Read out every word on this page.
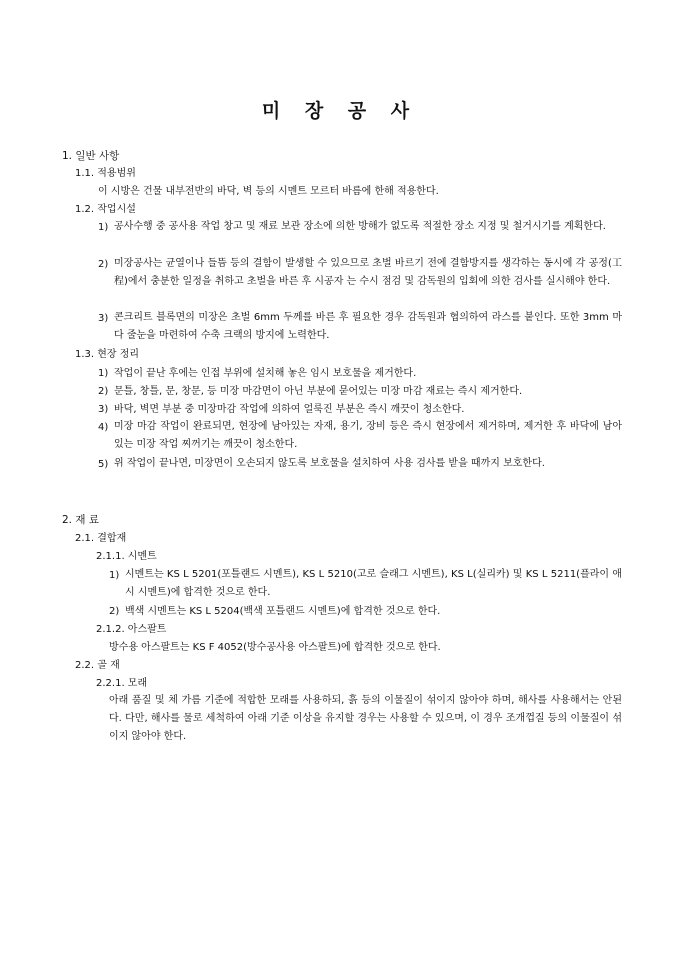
미 장 공 사
1. 일반 사항
1.1. 적용범위
이 시방은 건물 내부전반의 바닥, 벽 등의 시멘트 모르터 바름에 한해 적용한다.
1.2. 작업시설
1) 공사수행 중 공사용 작업 창고 및 재료 보관 장소에 의한 방해가 없도록 적절한 장소 지정 및 철거시기를 계획한다.
2) 미장공사는 균열이나 들뜸 등의 결함이 발생할 수 있으므로 초벌 바르기 전에 결함방지를 생각하는 동시에 각 공정(工程)에서 충분한 일정을 취하고 초벌을 바른 후 시공자 는 수시 점검 및 감독원의 입회에 의한 검사를 실시해야 한다.
3) 콘크리트 블록면의 미장은 초벌 6mm 두께를 바른 후 필요한 경우 감독원과 협의하여 라스를 붙인다. 또한 3mm 마다 줄눈을 마련하여 수축 크랙의 방지에 노력한다.
1.3. 현장 정리
1) 작업이 끝난 후에는 인접 부위에 설치해 놓은 임시 보호물을 제거한다.
2) 문틀, 창틀, 문, 창문, 등 미장 마감면이 아닌 부분에 묻어있는 미장 마감 재료는 즉시 제거한다.
3) 바닥, 벽면 부분 중 미장마감 작업에 의하여 얼룩진 부분은 즉시 깨끗이 청소한다.
4) 미장 마감 작업이 완료되면, 현장에 남아있는 자재, 용기, 장비 등은 즉시 현장에서 제거하며, 제거한 후 바닥에 남아 있는 미장 작업 찌꺼기는 깨끗이 청소한다.
5) 위 작업이 끝나면, 미장면이 오손되지 않도록 보호물을 설치하여 사용 검사를 받을 때까지 보호한다.
2. 재 료
2.1. 결합재
2.1.1. 시멘트
1) 시멘트는 KS L 5201(포틀랜드 시멘트), KS L 5210(고로 슬래그 시멘트), KS L(실리카) 및 KS L 5211(플라이 애시 시멘트)에 합격한 것으로 한다.
2) 백색 시멘트는 KS L 5204(백색 포틀랜드 시멘트)에 합격한 것으로 한다.
2.1.2. 아스팔트
방수용 아스팔트는 KS F 4052(방수공사용 아스팔트)에 합격한 것으로 한다.
2.2. 골 재
2.2.1. 모래
아래 품질 및 체 가름 기준에 적합한 모래를 사용하되, 흙 등의 이물질이 섞이지 않아야 하며, 해사를 사용해서는 안된다. 다만, 해사를 물로 세척하여 아래 기준 이상을 유지할 경우는 사용할 수 있으며, 이 경우 조개껍질 등의 이물질이 섞이지 않아야 한다.
